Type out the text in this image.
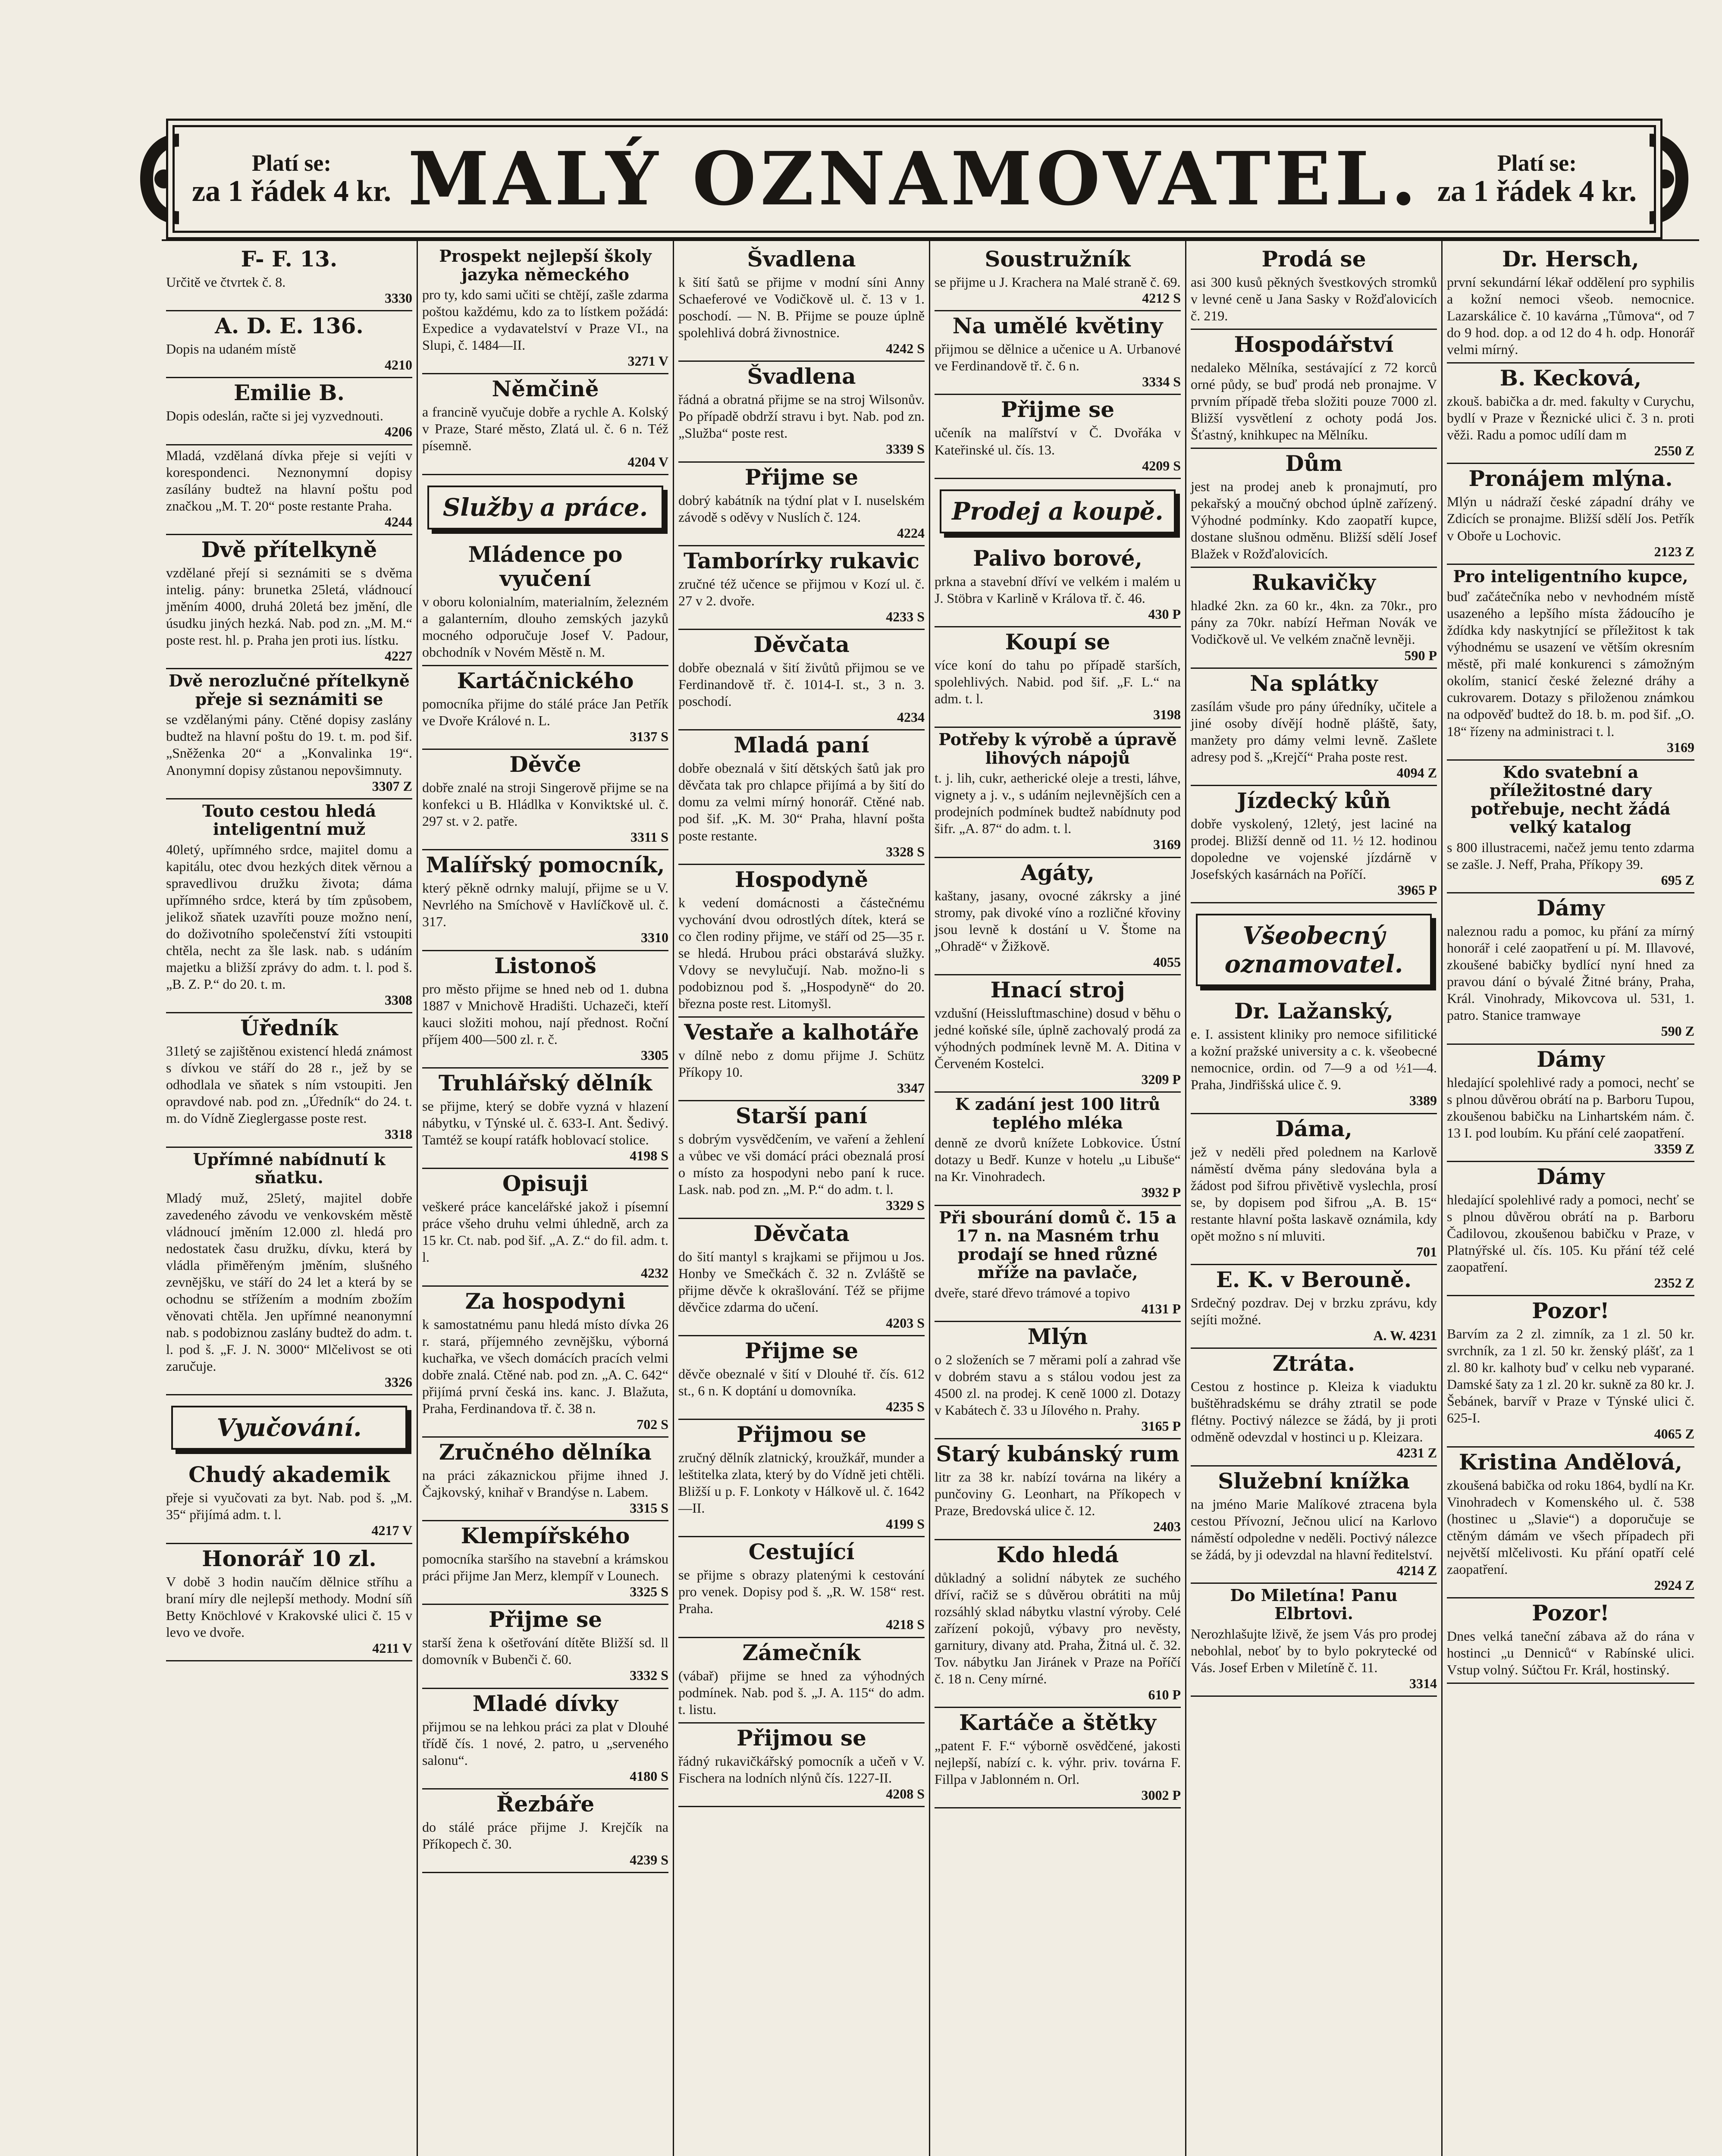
Platí se:
za 1 řádek 4 kr. MALÝ OZNAMOVATEL.	Platí se:
za 1 řádek 4 kr.
F- F. 13.

Určitě ve čtvrtek č. 8.

3330
A. D. E. 136.

Dopis na udaném místě

4210
Emilie B.

Dopis odeslán, račte si jej vyzvednouti.

4206

Mladá, vzdělaná dívka přeje si vejíti v korespondenci. Neznonymní dopisy zasílány budtež na hlavní poštu pod značkou „M. T. 20“ poste restante Praha.

4244
Dvě přítelkyně

vzdělané přejí si seznámiti se s dvěma intelig. pány: brunetka 25letá, vládnoucí jměním 4000, druhá 20letá bez jmění, dle úsudku jiných hezká. Nab. pod zn. „M. M.“ poste rest. hl. p. Praha jen proti ius. lístku.

4227
Dvě nerozlučné přítelkyně přeje si seznámiti se

se vzdělanými pány. Ctěné dopisy zaslány budtež na hlavní poštu do 19. t. m. pod šif. „Sněženka 20“ a „Konvalinka 19“. Anonymní dopisy zůstanou nepovšimnuty.

3307 Z
Touto cestou hledá inteligentní muž

40letý, upřímného srdce, majitel domu a kapitálu, otec dvou hezkých ditek věrnou a spravedlivou družku života; dáma upřímného srdce, která by tím způsobem, jelikož sňatek uzavříti pouze možno není, do doživotního společenství žíti vstoupiti chtěla, necht za šle lask. nab. s udáním majetku a bližší zprávy do adm. t. l. pod š. „B. Z. P.“ do 20. t. m.

3308
Úředník

31letý se zajištěnou existencí hledá známost s dívkou ve stáří do 28 r., jež by se odhodlala ve sňatek s ním vstoupiti. Jen opravdové nab. pod zn. „Úředník“ do 24. t. m. do Vídně Zieglergasse poste rest.

3318
Upřímné nabídnutí k sňatku.

Mladý muž, 25letý, majitel dobře zavedeného závodu ve venkovském městě vládnoucí jměním 12.000 zl. hledá pro nedostatek času družku, dívku, která by vládla přiměřeným jměním, slušného zevnějšku, ve stáří do 24 let a která by se ochodnu se střížením a modním zbožím věnovati chtěla. Jen upřímné neanonymní nab. s podobiznou zaslány budtež do adm. t. l. pod š. „F. J. N. 3000“ Mlčelivost se oti zaručuje.

3326
Vyučování.
Chudý akademik

přeje si vyučovati za byt. Nab. pod š. „M. 35“ přijímá adm. t. l.

4217 V
Honorář 10 zl.

V době 3 hodin naučím dělnice stříhu a braní míry dle nejlepší methody. Modní síň Betty Knöchlové v Krakovské ulici č. 15 v levo ve dvoře.

4211 V
Prospekt nejlepší školy jazyka německého

pro ty, kdo sami učiti se chtějí, zašle zdarma poštou každému, kdo za to lístkem požádá: Expedice a vydavatelství v Praze VI., na Slupi, č. 1484—II.

3271 V
Němčině

a francině vyučuje dobře a rychle A. Kolský v Praze, Staré město, Zlatá ul. č. 6 n. Též písemně.

4204 V
Služby a práce.
Mládence po vyučení

v oboru kolonialním, materialním, železném a galanterním, dlouho zemských jazyků mocného odporučuje Josef V. Padour, obchodník v Novém Městě n. M.

Kartáčnického

pomocníka přijme do stálé práce Jan Petřík ve Dvoře Králové n. L.

3137 S
Děvče

dobře znalé na stroji Singerově přijme se na konfekci u B. Hládlka v Konviktské ul. č. 297 st. v 2. patře.

3311 S
Malířský pomocník,

který pěkně odrnky malují, přijme se u V. Nevrlého na Smíchově v Havlíčkově ul. č. 317.

3310
Listonoš

pro město přijme se hned neb od 1. dubna 1887 v Mnichově Hradišti. Uchazeči, kteří kauci složiti mohou, nají přednost. Roční příjem 400—500 zl. r. č.

3305
Truhlářský dělník

se přijme, který se dobře vyzná v hlazení nábytku, v Týnské ul. č. 633-I. Ant. Šedivý. Tamtéž se koupí ratáfk hoblovací stolice.

4198 S
Opisuji

veškeré práce kancelářské jakož i písemní práce všeho druhu velmi úhledně, arch za 15 kr. Ct. nab. pod šif. „A. Z.“ do fil. adm. t. l.

4232
Za hospodyni

k samostatnému panu hledá místo dívka 26 r. stará, příjemného zevnějšku, výborná kuchařka, ve všech domácích pracích velmi dobře znalá. Ctěné nab. pod zn. „A. C. 642“ přijímá první česká ins. kanc. J. Blažuta, Praha, Ferdinandova tř. č. 38 n.

702 S
Zručného dělníka

na práci zákaznickou přijme ihned J. Čajkovský, knihař v Brandýse n. Labem.

3315 S
Klempířského

pomocníka staršího na stavební a krámskou práci přijme Jan Merz, klempíř v Lounech.

3325 S
Přijme se

starší žena k ošetřování dítěte Bližší sd. ll domovník v Bubenči č. 60.

3332 S
Mladé dívky

přijmou se na lehkou práci za plat v Dlouhé třídě čís. 1 nové, 2. patro, u „serveného salonu“.

4180 S
Řezbáře

do stálé práce přijme J. Krejčík na Příkopech č. 30.

4239 S
Švadlena

k šití šatů se přijme v modní síni Anny Schaeferové ve Vodičkově ul. č. 13 v 1. poschodí. — N. B. Přijme se pouze úplně spolehlivá dobrá živnostnice.

4242 S
Švadlena

řádná a obratná přijme se na stroj Wilsonův. Po případě obdrží stravu i byt. Nab. pod zn. „Služba“ poste rest.

3339 S
Přijme se

dobrý kabátník na týdní plat v I. nuselském závodě s oděvy v Nuslích č. 124.

4224
Tamborírky rukavic

zručné též učence se přijmou v Kozí ul. č. 27 v 2. dvoře.

4233 S
Děvčata

dobře obeznalá v šití živůtů přijmou se ve Ferdinandově tř. č. 1014-I. st., 3 n. 3. poschodí.

4234
Mladá paní

dobře obeznalá v šití dětských šatů jak pro děvčata tak pro chlapce přijímá a by šití do domu za velmi mírný honorář. Ctěné nab. pod šif. „K. M. 30“ Praha, hlavní pošta poste restante.

3328 S
Hospodyně

k vedení domácnosti a částečnému vychování dvou odrostlých dítek, která se co člen rodiny přijme, ve stáří od 25—35 r. se hledá. Hrubou práci obstarává služky. Vdovy se nevylučují. Nab. možno-li s podobiznou pod š. „Hospodyně“ do 20. března poste rest. Litomyšl.

Vestaře a kalhotáře

v dílně nebo z domu přijme J. Schütz Příkopy 10.

3347
Starší paní

s dobrým vysvědčením, ve vaření a žehlení a vůbec ve vši domácí práci obeznalá prosí o místo za hospodyni nebo paní k ruce. Lask. nab. pod zn. „M. P.“ do adm. t. l.

3329 S
Děvčata

do šití mantyl s krajkami se přijmou u Jos. Honby ve Smečkách č. 32 n. Zvláště se přijme děvče k okrašlování. Též se přijme děvčice zdarma do učení.

4203 S
Přijme se

děvče obeznalé v šití v Dlouhé tř. čís. 612 st., 6 n. K doptání u domovníka.

4235 S
Přijmou se

zručný dělník zlatnický, kroužkář, munder a leštitelka zlata, který by do Vídně jeti chtěli. Bližší u p. F. Lonkoty v Hálkově ul. č. 1642—II.

4199 S
Cestující

se přijme s obrazy platenými k cestování pro venek. Dopisy pod š. „R. W. 158“ rest. Praha.

4218 S
Zámečník

(vábař) přijme se hned za výhodných podmínek. Nab. pod š. „J. A. 115“ do adm. t. listu.

Přijmou se

řádný rukavičkářský pomocník a učeň v V. Fischera na lodních nlýnů čís. 1227-II.

4208 S
Soustružník

se přijme u J. Krachera na Malé straně č. 69.

4212 S
Na umělé květiny

přijmou se dělnice a učenice u A. Urbanové ve Ferdinandově tř. č. 6 n.

3334 S
Přijme se

učeník na malířství v Č. Dvořáka v Kateřinské ul. čís. 13.

4209 S
Prodej a koupě.
Palivo borové,

prkna a stavební dříví ve velkém i malém u J. Stöbra v Karlině v Králova tř. č. 46.

430 P
Koupí se

více koní do tahu po případě starších, spolehlivých. Nabid. pod šif. „F. L.“ na adm. t. l.

3198
Potřeby k výrobě a úpravě lihových nápojů

t. j. lih, cukr, aetherické oleje a tresti, láhve, vignety a j. v., s udáním nejlevnějších cen a prodejních podmínek budtež nabídnuty pod šifr. „A. 87“ do adm. t. l.

3169
Agáty,

kaštany, jasany, ovocné zákrsky a jiné stromy, pak divoké víno a rozličné křoviny jsou levně k dostání u V. Štome na „Ohradě“ v Žižkově.

4055
Hnací stroj

vzdušní (Heissluftmaschine) dosud v běhu o jedné koňské síle, úplně zachovalý prodá za výhodných podmínek levně M. A. Ditina v Červeném Kostelci.

3209 P
K zadání jest 100 litrů teplého mléka

denně ze dvorů knížete Lobkovice. Ústní dotazy u Bedř. Kunze v hotelu „u Libuše“ na Kr. Vinohradech.

3932 P
Při sbourání domů č. 15 a 17 n. na Masném trhu prodají se hned různé mříže na pavlače,

dveře, staré dřevo trámové a topivo

4131 P
Mlýn

o 2 složeních se 7 měrami polí a zahrad vše v dobrém stavu a s stálou vodou jest za 4500 zl. na prodej. K ceně 1000 zl. Dotazy v Kabátech č. 33 u Jílového n. Prahy.

3165 P
Starý kubánský rum

litr za 38 kr. nabízí továrna na likéry a punčoviny G. Leonhart, na Příkopech v Praze, Bredovská ulice č. 12.

2403
Kdo hledá

důkladný a solidní nábytek ze suchého dříví, račiž se s důvěrou obrátiti na můj rozsáhlý sklad nábytku vlastní výroby. Celé zařízení pokojů, výbavy pro nevěsty, garnitury, divany atd. Praha, Žitná ul. č. 32. Tov. nábytku Jan Jiránek v Praze na Poříčí č. 18 n. Ceny mírné.

610 P
Kartáče a štětky

„patent F. F.“ výborně osvědčené, jakosti nejlepší, nabízí c. k. výhr. priv. továrna F. Fillpa v Jablonném n. Orl.

3002 P
Prodá se

asi 300 kusů pěkných švestkových stromků v levné ceně u Jana Sasky v Rožďalovicích č. 219.

Hospodářství

nedaleko Mělníka, sestávající z 72 korců orné půdy, se buď prodá neb pronajme. V prvním případě třeba složiti pouze 7000 zl. Bližší vysvětlení z ochoty podá Jos. Šťastný, knihkupec na Mělníku.

Dům

jest na prodej aneb k pronajmutí, pro pekařský a moučný obchod úplně zařízený. Výhodné podmínky. Kdo zaopatří kupce, dostane slušnou odměnu. Bližší sdělí Josef Blažek v Rožďalovicích.

Rukavičky

hladké 2kn. za 60 kr., 4kn. za 70kr., pro pány za 70kr. nabízí Heřman Novák ve Vodičkově ul. Ve velkém značně levněji.

590 P
Na splátky

zasílám všude pro pány úředníky, učitele a jiné osoby dívějí hodně pláště, šaty, manžety pro dámy velmi levně. Zašlete adresy pod š. „Krejčí“ Praha poste rest.

4094 Z
Jízdecký kůň

dobře vyskolený, 12letý, jest laciné na prodej. Bližší denně od 11. ½ 12. hodinou dopoledne ve vojenské jízdárně v Josefských kasárnách na Poříčí.

3965 P
Všeobecný oznamovatel.
Dr. Lažanský,

e. I. assistent kliniky pro nemoce sifilitické a kožní pražské university a c. k. všeobecné nemocnice, ordin. od 7—9 a od ½1—4. Praha, Jindřišská ulice č. 9.

3389
Dáma,

jež v neděli před polednem na Karlově náměstí dvěma pány sledována byla a žádost pod šifrou přivětivě vyslechla, prosí se, by dopisem pod šifrou „A. B. 15“ restante hlavní pošta laskavě oznámila, kdy opět možno s ní mluviti.

701
E. K. v Berouně.

Srdečný pozdrav. Dej v brzku zprávu, kdy sejíti možné.

A. W. 4231
Ztráta.

Cestou z hostince p. Kleiza k viaduktu buštěhradskému se dráhy ztratil se pode flétny. Poctivý nálezce se žádá, by ji proti odměně odevzdal v hostinci u p. Kleizara.

4231 Z
Služební knížka

na jméno Marie Malíkové ztracena byla cestou Přívozní, Ječnou ulicí na Karlovo náměstí odpoledne v neděli. Poctivý nálezce se žádá, by ji odevzdal na hlavní ředitelství.

4214 Z
Do Miletína! Panu Elbrtovi.

Nerozhlašujte lživě, že jsem Vás pro prodej nebohlal, neboť by to bylo pokrytecké od Vás. Josef Erben v Miletíně č. 11.

3314
Dr. Hersch,

první sekundární lékař oddělení pro syphilis a kožní nemoci všeob. nemocnice. Lazarskálice č. 10 kavárna „Tůmova“, od 7 do 9 hod. dop. a od 12 do 4 h. odp. Honorář velmi mírný.

B. Kecková,

zkouš. babička a dr. med. fakulty v Curychu, bydlí v Praze v Řeznické ulici č. 3 n. proti věži. Radu a pomoc udílí dam m

2550 Z
Pronájem mlýna.

Mlýn u nádraží české západní dráhy ve Zdicích se pronajme. Bližší sdělí Jos. Petřík v Oboře u Lochovic.

2123 Z
Pro inteligentního kupce,

buď začátečníka nebo v nevhodném místě usazeného a lepšího místa žádoucího je ždídka kdy naskytnjící se příležitost k tak výhodnému se usazení ve větším okresním městě, při malé konkurenci s zámožným okolím, stanicí české železné dráhy a cukrovarem. Dotazy s přiloženou známkou na odpověď budtež do 18. b. m. pod šif. „O. 18“ řízeny na administraci t. l.

3169
Kdo svatební a příležitostné dary potřebuje, necht žádá velký katalog

s 800 illustracemi, načež jemu tento zdarma se zašle. J. Neff, Praha, Příkopy 39.

695 Z
Dámy

naleznou radu a pomoc, ku přání za mírný honorář i celé zaopatření u pí. M. Illavové, zkoušené babičky bydlící nyní hned za pravou dání o bývalé Žitné brány, Praha, Král. Vinohrady, Mikovcova ul. 531, 1. patro. Stanice tramwaye

590 Z
Dámy

hledající spolehlivé rady a pomoci, nechť se s plnou důvěrou obrátí na p. Barboru Tupou, zkoušenou babičku na Linhartském nám. č. 13 I. pod loubím. Ku přání celé zaopatření.

3359 Z
Dámy

hledající spolehlivé rady a pomoci, nechť se s plnou důvěrou obrátí na p. Barboru Čadilovou, zkoušenou babičku v Praze, v Platnýřské ul. čís. 105. Ku přání též celé zaopatření.

2352 Z
Pozor!

Barvím za 2 zl. zimník, za 1 zl. 50 kr. svrchník, za 1 zl. 50 kr. ženský plášť, za 1 zl. 80 kr. kalhoty buď v celku neb vyparané. Damské šaty za 1 zl. 20 kr. sukně za 80 kr. J. Šebánek, barvíř v Praze v Týnské ulici č. 625-I.

4065 Z
Kristina Andělová,

zkoušená babička od roku 1864, bydlí na Kr. Vinohradech v Komenského ul. č. 538 (hostinec u „Slavie“) a doporučuje se ctěným dámám ve všech případech při největší mlčelivosti. Ku přání opatří celé zaopatření.

2924 Z
Pozor!

Dnes velká taneční zábava až do rána v hostinci „u Denniců“ v Rabínské ulici. Vstup volný. Súčtou Fr. Král, hostinský.
